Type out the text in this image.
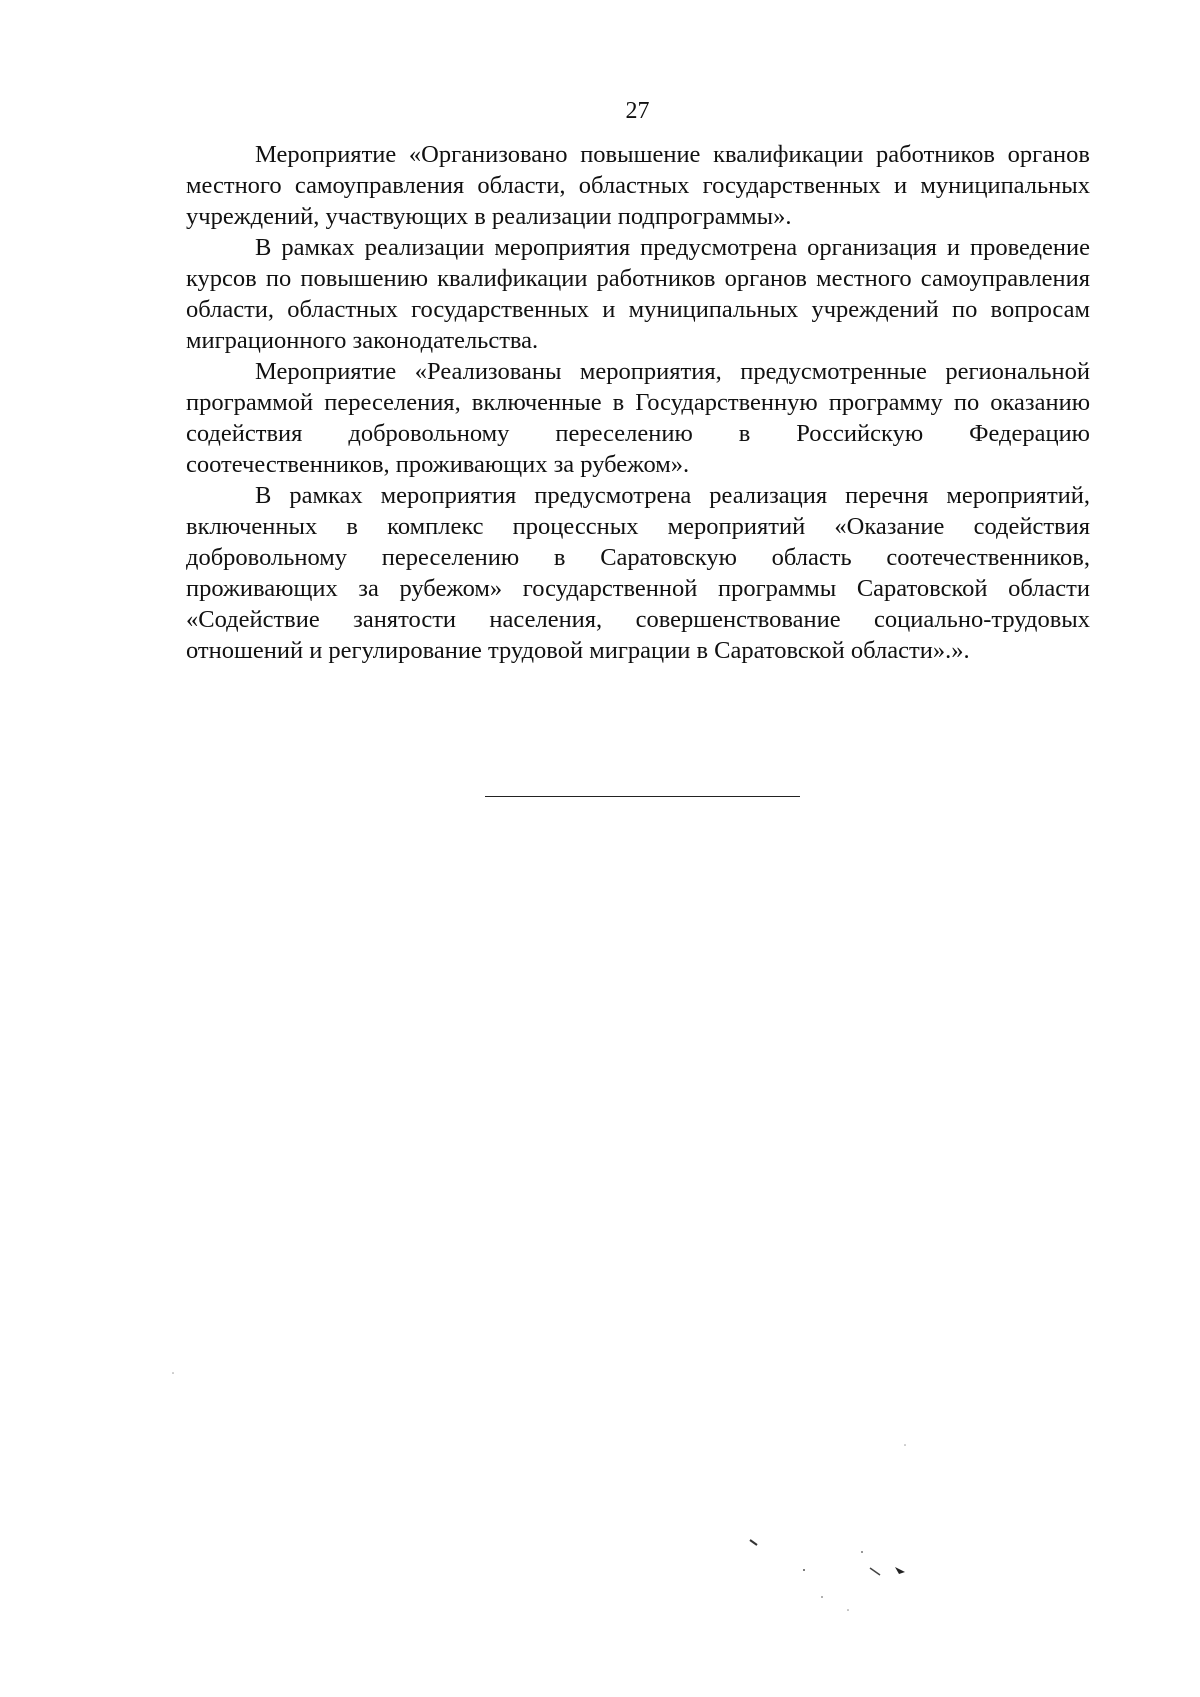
27

Мероприятие «Организовано повышение квалификации работников органов местного самоуправления области, областных государственных и муниципальных учреждений, участвующих в реализации подпрограммы».

В рамках реализации мероприятия предусмотрена организация и проведение курсов по повышению квалификации работников органов местного самоуправления области, областных государственных и муниципальных учреждений по вопросам миграционного законодательства.

Мероприятие «Реализованы мероприятия, предусмотренные региональной программой переселения, включенные в Государственную программу по оказанию содействия добровольному переселению в Российскую Федерацию соотечественников, проживающих за рубежом».

В рамках мероприятия предусмотрена реализация перечня мероприятий, включенных в комплекс процессных мероприятий «Оказание содействия добровольному переселению в Саратовскую область соотечественников, проживающих за рубежом» государственной программы Саратовской области «Содействие занятости населения, совершенствование социально-трудовых отношений и регулирование трудовой миграции в Саратовской области».».
